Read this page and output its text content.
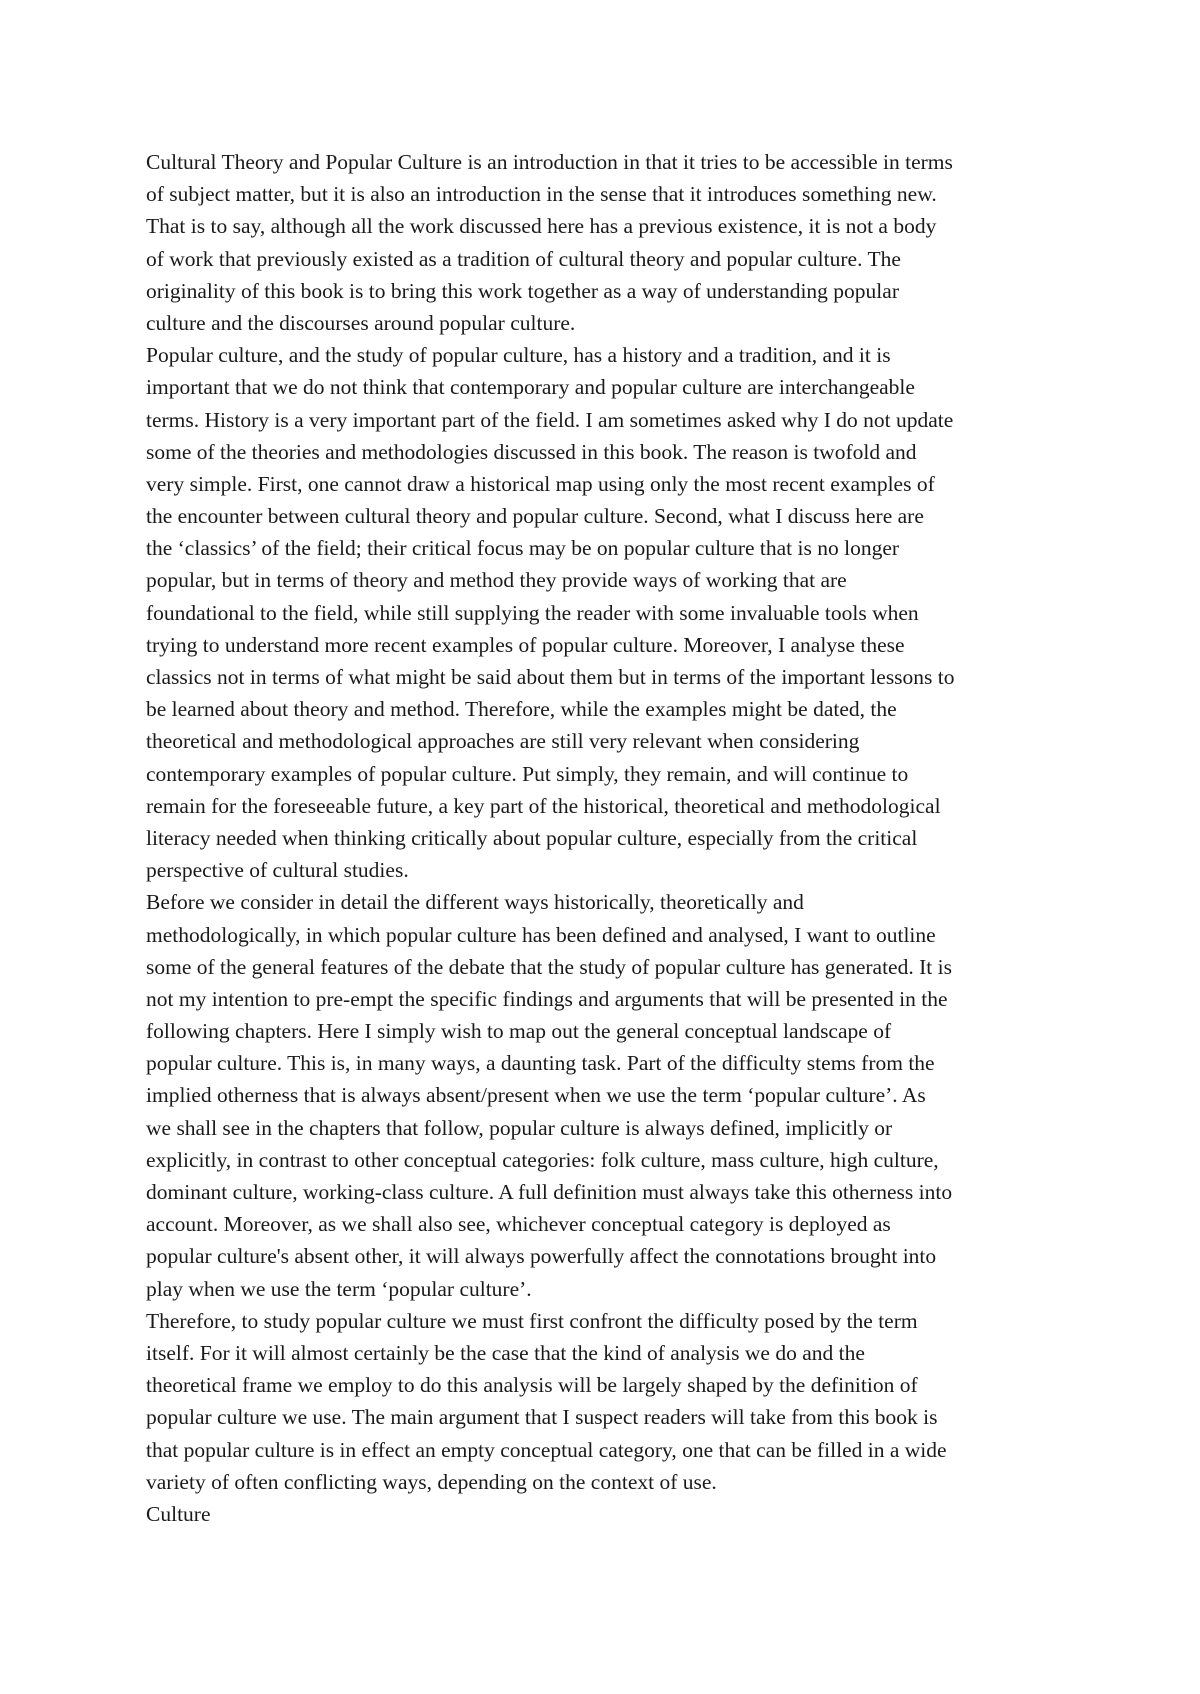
Cultural Theory and Popular Culture is an introduction in that it tries to be accessible in terms
of subject matter, but it is also an introduction in the sense that it introduces something new.
That is to say, although all the work discussed here has a previous existence, it is not a body
of work that previously existed as a tradition of cultural theory and popular culture. The
originality of this book is to bring this work together as a way of understanding popular
culture and the discourses around popular culture.
Popular culture, and the study of popular culture, has a history and a tradition, and it is
important that we do not think that contemporary and popular culture are interchangeable
terms. History is a very important part of the field. I am sometimes asked why I do not update
some of the theories and methodologies discussed in this book. The reason is twofold and
very simple. First, one cannot draw a historical map using only the most recent examples of
the encounter between cultural theory and popular culture. Second, what I discuss here are
the ‘classics’ of the field; their critical focus may be on popular culture that is no longer
popular, but in terms of theory and method they provide ways of working that are
foundational to the field, while still supplying the reader with some invaluable tools when
trying to understand more recent examples of popular culture. Moreover, I analyse these
classics not in terms of what might be said about them but in terms of the important lessons to
be learned about theory and method. Therefore, while the examples might be dated, the
theoretical and methodological approaches are still very relevant when considering
contemporary examples of popular culture. Put simply, they remain, and will continue to
remain for the foreseeable future, a key part of the historical, theoretical and methodological
literacy needed when thinking critically about popular culture, especially from the critical
perspective of cultural studies.
Before we consider in detail the different ways historically, theoretically and
methodologically, in which popular culture has been defined and analysed, I want to outline
some of the general features of the debate that the study of popular culture has generated. It is
not my intention to pre-empt the specific findings and arguments that will be presented in the
following chapters. Here I simply wish to map out the general conceptual landscape of
popular culture. This is, in many ways, a daunting task. Part of the difficulty stems from the
implied otherness that is always absent/present when we use the term ‘popular culture’. As
we shall see in the chapters that follow, popular culture is always defined, implicitly or
explicitly, in contrast to other conceptual categories: folk culture, mass culture, high culture,
dominant culture, working-class culture. A full definition must always take this otherness into
account. Moreover, as we shall also see, whichever conceptual category is deployed as
popular culture's absent other, it will always powerfully affect the connotations brought into
play when we use the term ‘popular culture’.
Therefore, to study popular culture we must first confront the difficulty posed by the term
itself. For it will almost certainly be the case that the kind of analysis we do and the
theoretical frame we employ to do this analysis will be largely shaped by the definition of
popular culture we use. The main argument that I suspect readers will take from this book is
that popular culture is in effect an empty conceptual category, one that can be filled in a wide
variety of often conflicting ways, depending on the context of use.
Culture
